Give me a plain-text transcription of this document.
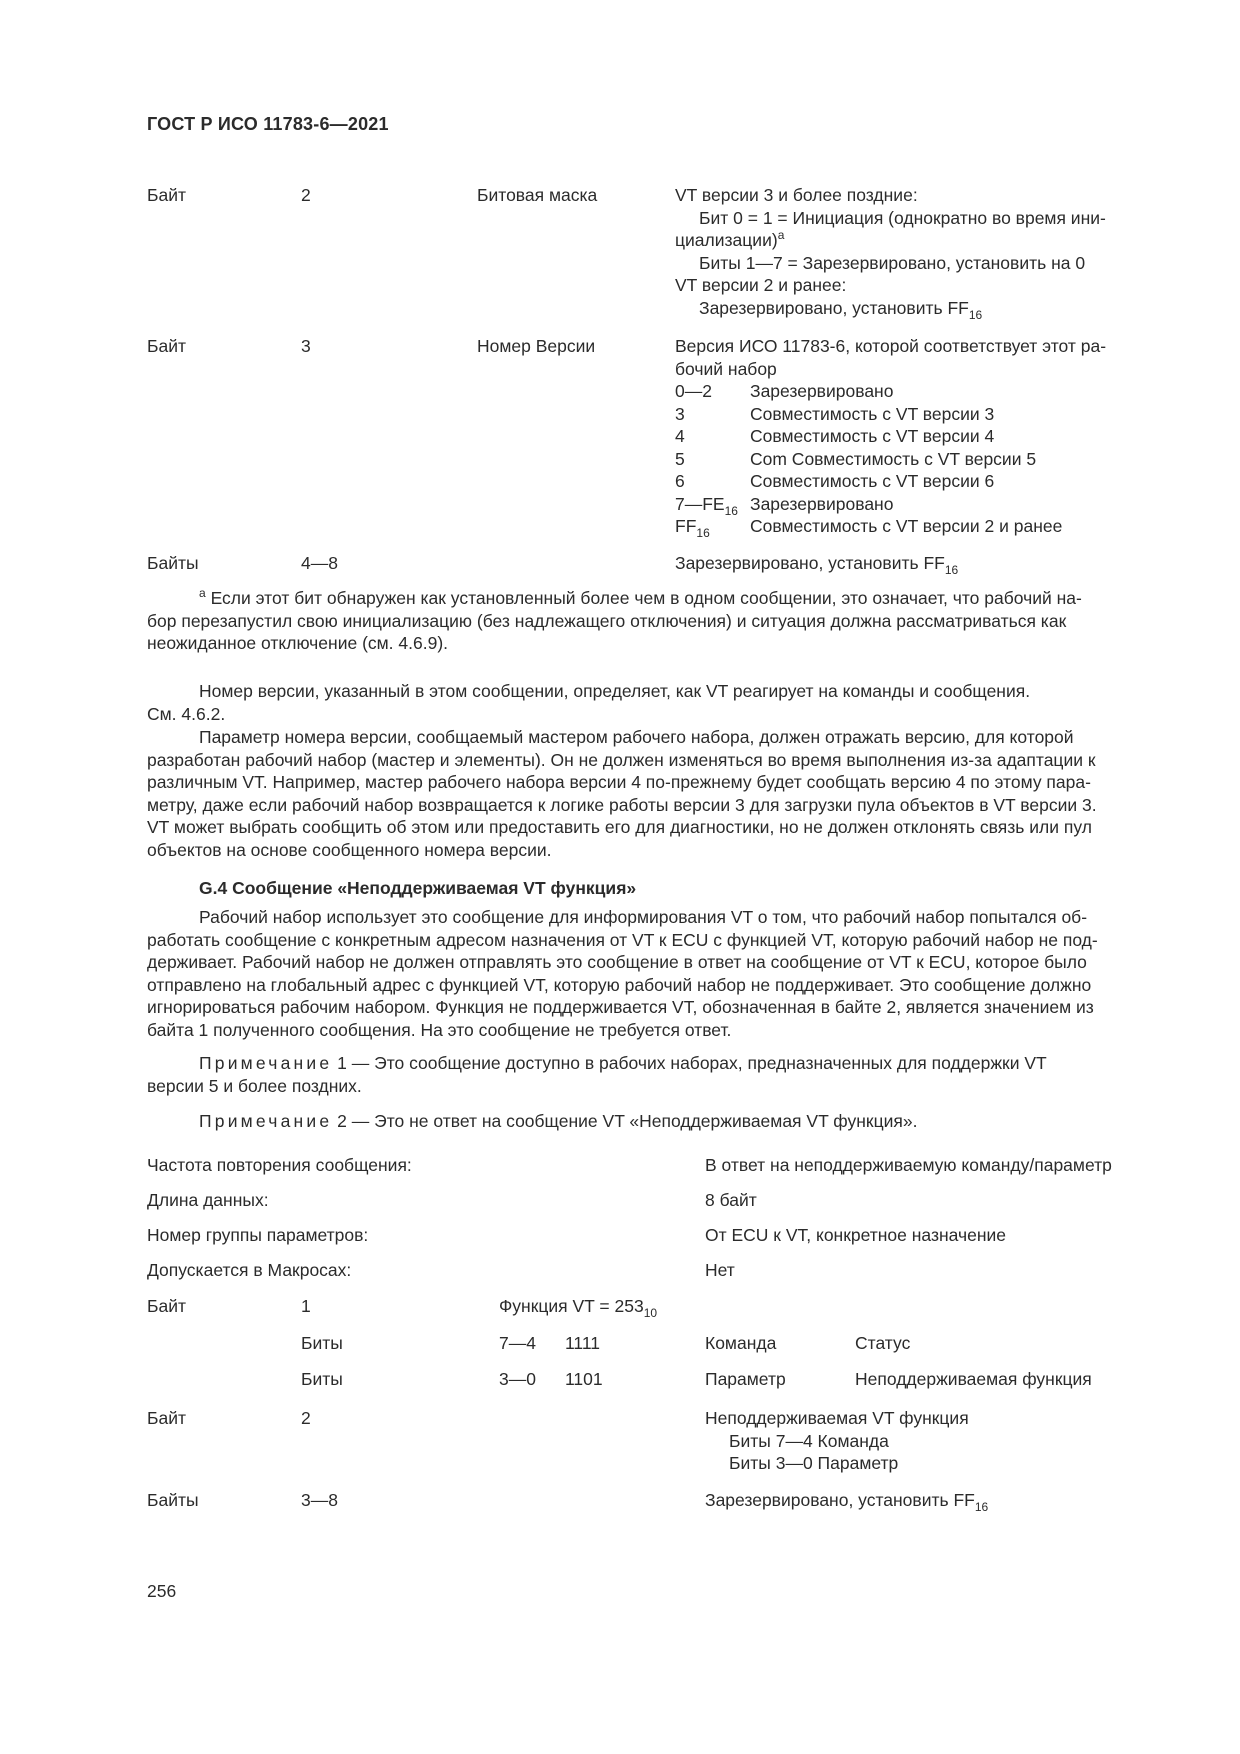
ГОСТ Р ИСО 11783-6—2021
Байт	2	Битовая маска	VT версии 3 и более поздние:
Бит 0 = 1 = Инициация (однократно во время ини-
циализации)$^a$
Биты 1—7 = Зарезервировано, установить на 0
VT версии 2 и ранее:
Зарезервировано, установить $FF_{16}$
Байт	3	Номер Версии	Версия ИСО 11783-6, которой соответствует этот ра-
бочий набор
0—2 Зарезервировано
3	Совместимость с VT версии 3
4	Совместимость с VT версии 4
5	Com Совместимость с VT версии 5
6	Совместимость с VT версии 6
$7—FE_{16}$ Зарезервировано
$FF_{16}$ Совместимость с VT версии 2 и ранее
Байты	4—8	Зарезервировано, установить $FF_{16}$
$^a$ Если этот бит обнаружен как установленный более чем в одном сообщении, это означает, что рабочий на-
бор перезапустил свою инициализацию (без надлежащего отключения) и ситуация должна рассматриваться как
неожиданное отключение (см. 4.6.9).
Номер версии, указанный в этом сообщении, определяет, как VT реагирует на команды и сообщения.
См. 4.6.2.
Параметр номера версии, сообщаемый мастером рабочего набора, должен отражать версию, для которой
разработан рабочий набор (мастер и элементы). Он не должен изменяться во время выполнения из-за адаптации к
различным VT. Например, мастер рабочего набора версии 4 по-прежнему будет сообщать версию 4 по этому пара-
метру, даже если рабочий набор возвращается к логике работы версии 3 для загрузки пула объектов в VT версии 3.
VT может выбрать сообщить об этом или предоставить его для диагностики, но не должен отклонять связь или пул
объектов на основе сообщенного номера версии.
G.4 Сообщение «Неподдерживаемая VT функция»
Рабочий набор использует это сообщение для информирования VT о том, что рабочий набор попытался об-
работать сообщение с конкретным адресом назначения от VT к ECU с функцией VT, которую рабочий набор не под-
держивает. Рабочий набор не должен отправлять это сообщение в ответ на сообщение от VT к ECU, которое было
отправлено на глобальный адрес с функцией VT, которую рабочий набор не поддерживает. Это сообщение должно
игнорироваться рабочим набором. Функция не поддерживается VT, обозначенная в байте 2, является значением из
байта 1 полученного сообщения. На это сообщение не требуется ответ.
Примечание 1 — Это сообщение доступно в рабочих наборах, предназначенных для поддержки VT
версии 5 и более поздних.
Примечание 2 — Это не ответ на сообщение VT «Неподдерживаемая VT функция».
Частота повторения сообщения:	В ответ на неподдерживаемую команду/параметр
Длина данных:	8 байт
Номер группы параметров:	От ECU к VT, конкретное назначение
Допускается в Макросах:	Нет
Байт	1	Функция VT = $253_{10}$
Биты	7—4 1111	Команда	Статус
Биты	3—0 1101	Параметр	Неподдерживаемая функция
Байт	2	Неподдерживаемая VT функция
Биты 7—4 Команда
Биты 3—0 Параметр
Байты	3—8	Зарезервировано, установить $FF_{16}$
256
